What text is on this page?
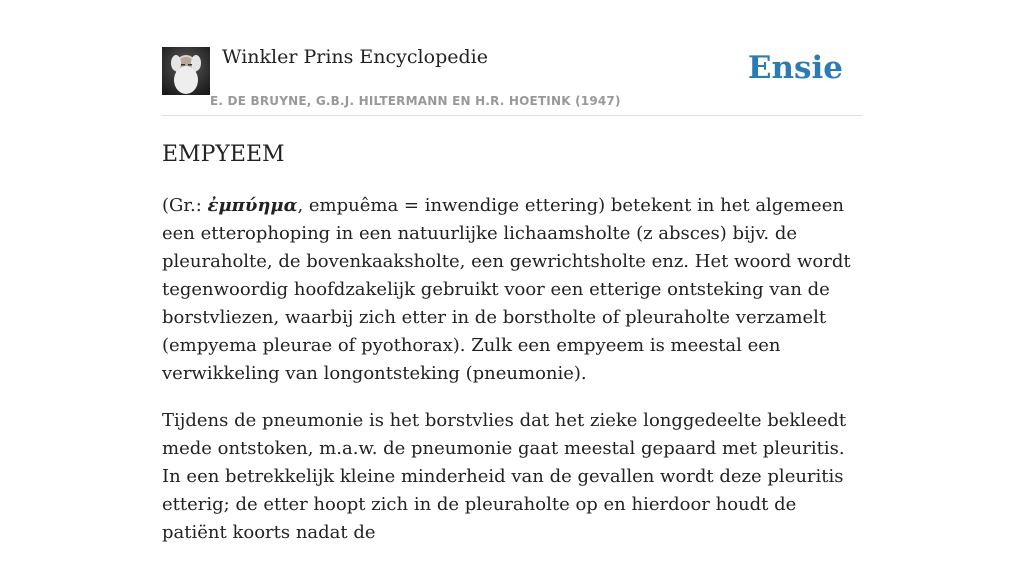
Winkler Prins Encyclopedie
E. DE BRUYNE, G.B.J. HILTERMANN EN H.R. HOETINK (1947)
Ensie
EMPYEEM

(Gr.: ἐμπύημα, empuêma = inwendige ettering) betekent in het algemeen een etterophoping in een natuurlijke lichaamsholte (z absces) bijv. de pleuraholte, de bovenkaaksholte, een gewrichtsholte enz. Het woord wordt tegenwoordig hoofdzakelijk gebruikt voor een etterige ontsteking van de borstvliezen, waarbij zich etter in de borstholte of pleuraholte verzamelt (empyema pleurae of pyothorax). Zulk een empyeem is meestal een verwikkeling van longontsteking (pneumonie).

Tijdens de pneumonie is het borstvlies dat het zieke longgedeelte bekleedt mede ontstoken, m.a.w. de pneumonie gaat meestal gepaard met pleuritis. In een betrekkelijk kleine minderheid van de gevallen wordt deze pleuritis etterig; de etter hoopt zich in de pleuraholte op en hierdoor houdt de patiënt koorts nadat de
